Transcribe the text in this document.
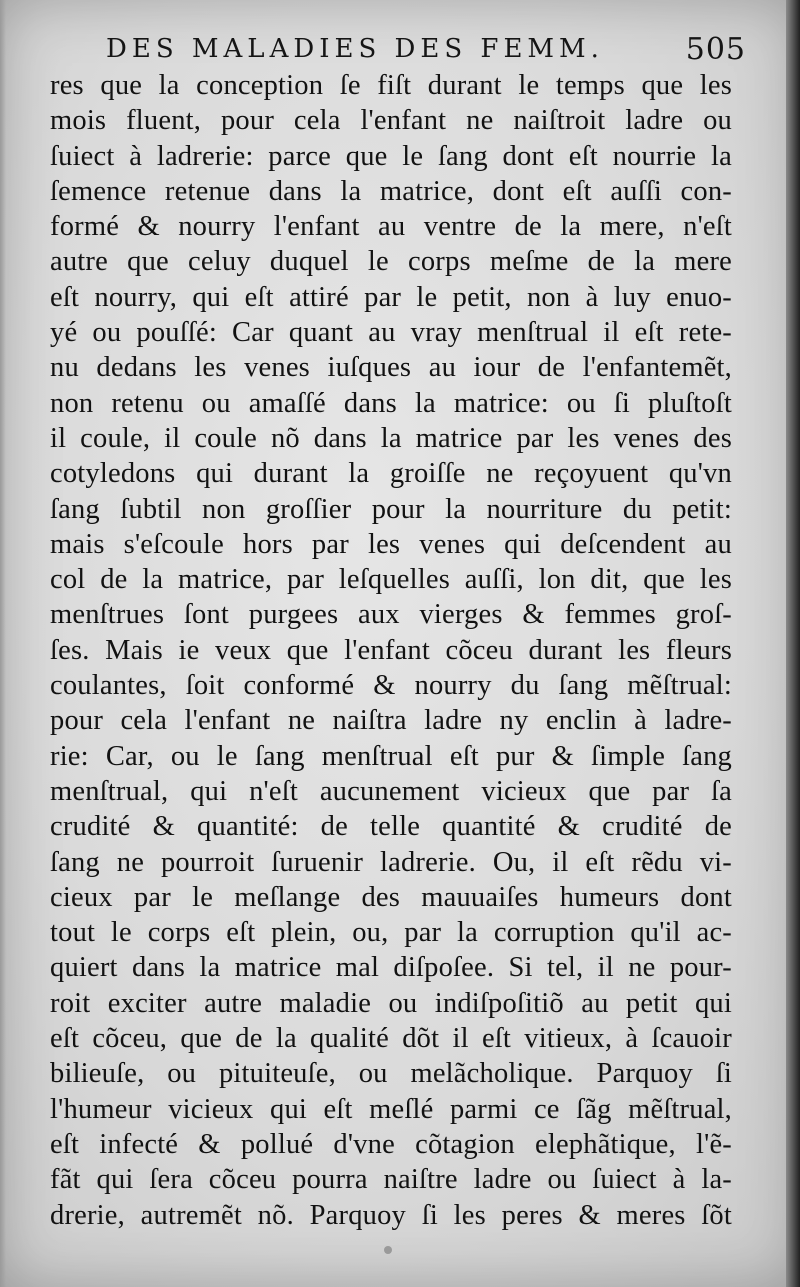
DES MALADIES DES FEMM.	505
res que la conception ſe fiſt durant le temps que les
mois fluent, pour cela l'enfant ne naiſtroit ladre ou
ſuiect à ladrerie: parce que le ſang dont eſt nourrie la
ſemence retenue dans la matrice, dont eſt auſſi con-
formé & nourry l'enfant au ventre de la mere, n'eſt
autre que celuy duquel le corps meſme de la mere
eſt nourry, qui eſt attiré par le petit, non à luy enuo-
yé ou pouſſé: Car quant au vray menſtrual il eſt rete-
nu dedans les venes iuſques au iour de l'enfantemẽt,
non retenu ou amaſſé dans la matrice: ou ſi pluſtoſt
il coule, il coule nõ dans la matrice par les venes des
cotyledons qui durant la groiſſe ne reçoyuent qu'vn
ſang ſubtil non groſſier pour la nourriture du petit:
mais s'eſcoule hors par les venes qui deſcendent au
col de la matrice, par leſquelles auſſi, lon dit, que les
menſtrues ſont purgees aux vierges & femmes groſ-
ſes. Mais ie veux que l'enfant cõceu durant les fleurs
coulantes, ſoit conformé & nourry du ſang mẽſtrual:
pour cela l'enfant ne naiſtra ladre ny enclin à ladre-
rie: Car, ou le ſang menſtrual eſt pur & ſimple ſang
menſtrual, qui n'eſt aucunement vicieux que par ſa
crudité & quantité: de telle quantité & crudité de
ſang ne pourroit ſuruenir ladrerie. Ou, il eſt rẽdu vi-
cieux par le meſlange des mauuaiſes humeurs dont
tout le corps eſt plein, ou, par la corruption qu'il ac-
quiert dans la matrice mal diſpoſee. Si tel, il ne pour-
roit exciter autre maladie ou indiſpoſitiõ au petit qui
eſt cõceu, que de la qualité dõt il eſt vitieux, à ſcauoir
bilieuſe, ou pituiteuſe, ou melãcholique. Parquoy ſi
l'humeur vicieux qui eſt meſlé parmi ce ſãg mẽſtrual,
eſt infecté & pollué d'vne cõtagion elephãtique, l'ẽ-
fãt qui ſera cõceu pourra naiſtre ladre ou ſuiect à la-
drerie, autremẽt nõ. Parquoy ſi les peres & meres ſõt
